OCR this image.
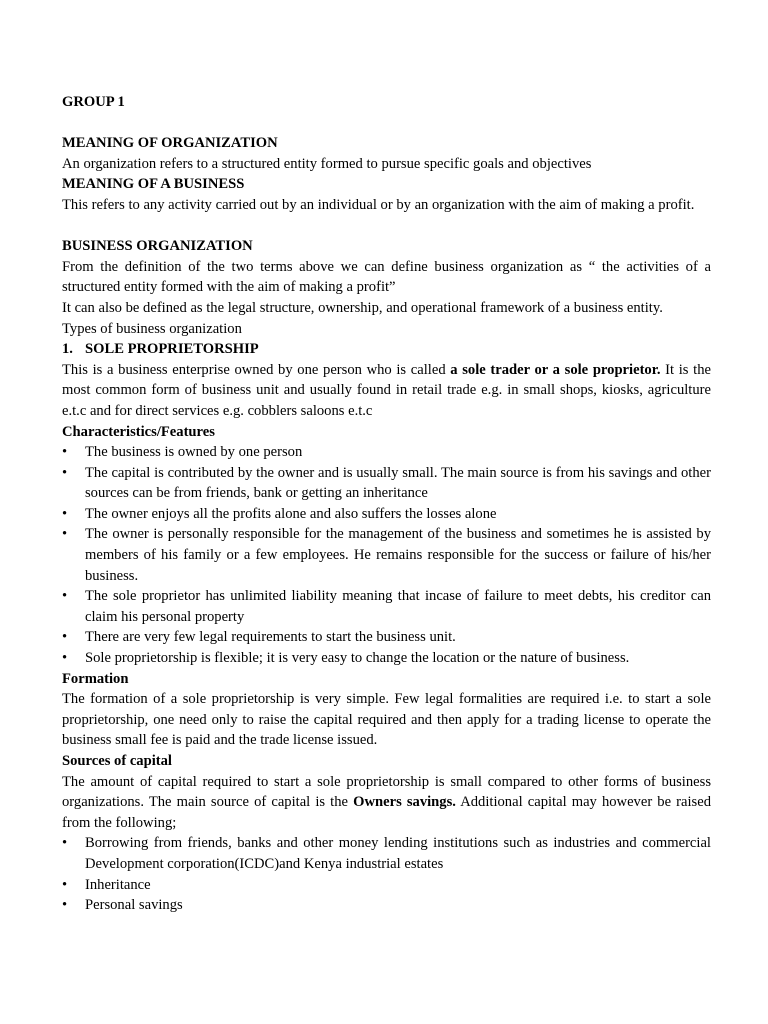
GROUP 1

MEANING OF ORGANIZATION

An organization refers to a structured entity formed to pursue specific goals and objectives

MEANING OF A BUSINESS

This refers to any activity carried out by an individual or by an organization with the aim of making a profit.

BUSINESS ORGANIZATION

From the definition of the two terms above we can define business organization as “ the activities of a structured entity formed with the aim of making a profit”

It can also be defined as the legal structure, ownership, and operational framework of a business entity.

Types of business organization

1. SOLE PROPRIETORSHIP

This is a business enterprise owned by one person who is called a sole trader or a sole proprietor. It is the most common form of business unit and usually found in retail trade e.g. in small shops, kiosks, agriculture e.t.c and for direct services e.g. cobblers saloons e.t.c

Characteristics/Features

•	The business is owned by one person
•	The capital is contributed by the owner and is usually small. The main source is from his savings and other sources can be from friends, bank or getting an inheritance
•	The owner enjoys all the profits alone and also suffers the losses alone
•	The owner is personally responsible for the management of the business and sometimes he is assisted by members of his family or a few employees. He remains responsible for the success or failure of his/her business.
•	The sole proprietor has unlimited liability meaning that incase of failure to meet debts, his creditor can claim his personal property
•	There are very few legal requirements to start the business unit.
•	Sole proprietorship is flexible; it is very easy to change the location or the nature of business.

Formation

The formation of a sole proprietorship is very simple. Few legal formalities are required i.e. to start a sole proprietorship, one need only to raise the capital required and then apply for a trading license to operate the business small fee is paid and the trade license issued.

Sources of capital

The amount of capital required to start a sole proprietorship is small compared to other forms of business organizations. The main source of capital is the Owners savings. Additional capital may however be raised from the following;

•	Borrowing from friends, banks and other money lending institutions such as industries and commercial Development corporation(ICDC)and Kenya industrial estates
•	Inheritance
•	Personal savings
